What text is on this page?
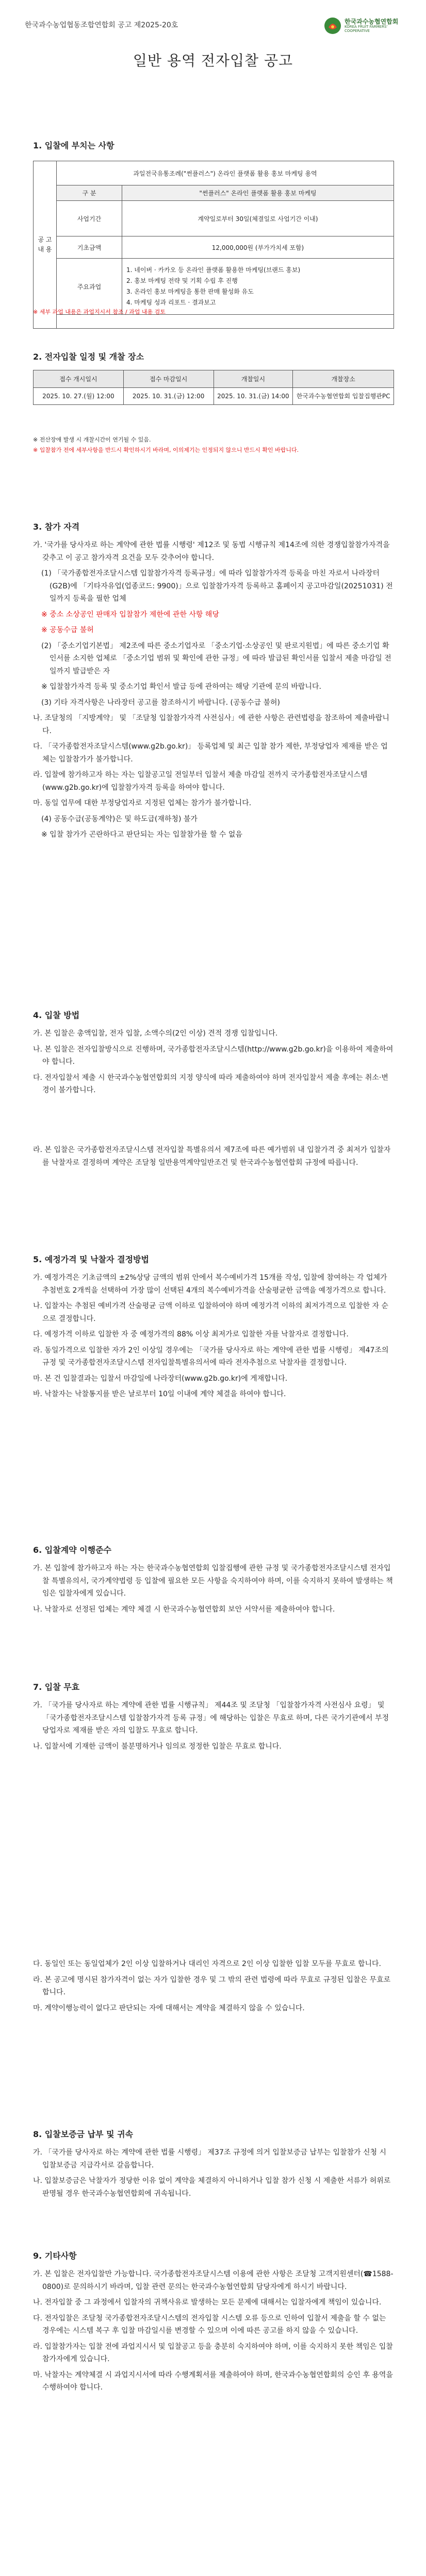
한국과수농업협동조합연합회 공고 제2025-20호	한국과수농협연합회
KOREA FRUIT FARMERS' COOPERATIVE
일반 용역 전자입찰 공고
1. 입찰에 부치는 사항
공 고 내 용	과일전국유통조례("썬플러스") 온라인 플랫폼 활용 홍보 마케팅 용역	
	구 분	"썬플러스" 온라인 플랫폼 활용 홍보 마케팅
	사업기간	계약일로부터 30일(체결일로 사업기간 이내)
	기초금액	12,000,000원 (부가가치세 포함)
	주요과업	1. 네이버 · 카카오 등 온라인 플랫폼 활용한 마케팅(브랜드 홍보)
2. 홍보 마케팅 전략 및 기획 수립 후 진행
3. 온라인 홍보 마케팅을 통한 판매 활성화 유도
4. 마케팅 성과 리포트 · 결과보고

※ 세부 과업 내용은 과업지시서 참조 / 과업 내용 검토
2. 전자입찰 일정 및 개찰 장소
접수 개시일시	접수 마감일시	개찰일시	개찰장소
2025. 10. 27.(월) 12:00	2025. 10. 31.(금) 12:00	2025. 10. 31.(금) 14:00	한국과수농협연합회 입찰집행관PC
※ 전산장애 발생 시 개찰시간이 연기될 수 있음.
※ 입찰참가 전에 세부사항을 반드시 확인하시기 바라며, 이의제기는 인정되지 않으니 반드시 확인 바랍니다.
3. 참가 자격

가. '국가를 당사자로 하는 계약에 관한 법률 시행령' 제12조 및 동법 시행규칙 제14조에 의한 경쟁입찰참가자격을 갖추고 이 공고 참가자격 요건을 모두 갖추어야 합니다.

(1) 「국가종합전자조달시스템 입찰참가자격 등록규정」에 따라 입찰참가자격 등록을 마친 자로서 나라장터(G2B)에 「기타자유업(업종코드: 9900)」으로 입찰참가자격 등록하고 홈페이지 공고마감일(20251031) 전일까지 등록을 필한 업체

※ 중소 소상공인 판매자 입찰참가 제한에 관한 사항 해당

※ 공동수급 불허

(2) 「중소기업기본법」 제2조에 따른 중소기업자로 「중소기업·소상공인 및 판로지원법」에 따른 중소기업 확인서를 소지한 업체로 「중소기업 범위 및 확인에 관한 규정」에 따라 발급된 확인서를 입찰서 제출 마감일 전일까지 발급받은 자

※ 입찰참가자격 등록 및 중소기업 확인서 발급 등에 관하여는 해당 기관에 문의 바랍니다.

(3) 기타 자격사항은 나라장터 공고를 참조하시기 바랍니다. (공동수급 불허)

나. 조달청의 「지방계약」 및 「조달청 입찰참가자격 사전심사」에 관한 사항은 관련법령을 참조하여 제출바랍니다.

다. 「국가종합전자조달시스템(www.g2b.go.kr)」 등록업체 및 최근 입찰 참가 제한, 부정당업자 제재를 받은 업체는 입찰참가가 불가합니다.

라. 입찰에 참가하고자 하는 자는 입찰공고일 전일부터 입찰서 제출 마감일 전까지 국가종합전자조달시스템(www.g2b.go.kr)에 입찰참가자격 등록을 하여야 합니다.

마. 동일 업무에 대한 부정당업자로 지정된 업체는 참가가 불가합니다.

(4) 공동수급(공동계약)은 및 하도급(재하청) 불가

※ 입찰 참가가 곤란하다고 판단되는 자는 입찰참가를 할 수 없음

4. 입찰 방법

가. 본 입찰은 총액입찰, 전자 입찰, 소액수의(2인 이상) 견적 경쟁 입찰입니다.

나. 본 입찰은 전자입찰방식으로 진행하며, 국가종합전자조달시스템(http://www.g2b.go.kr)을 이용하여 제출하여야 합니다.

다. 전자입찰서 제출 시 한국과수농협연합회의 지정 양식에 따라 제출하여야 하며 전자입찰서 제출 후에는 취소·변경이 불가합니다.

라. 본 입찰은 국가종합전자조달시스템 전자입찰 특별유의서 제7조에 따른 예가범위 내 입찰가격 중 최저가 입찰자를 낙찰자로 결정하며 계약은 조달청 일반용역계약일반조건 및 한국과수농협연합회 규정에 따릅니다.

5. 예정가격 및 낙찰자 결정방법

가. 예정가격은 기초금액의 ±2%상당 금액의 범위 안에서 복수예비가격 15개를 작성, 입찰에 참여하는 각 업체가 추첨번호 2개씩을 선택하여 가장 많이 선택된 4개의 복수예비가격을 산술평균한 금액을 예정가격으로 합니다.

나. 입찰자는 추첨된 예비가격 산술평균 금액 이하로 입찰하여야 하며 예정가격 이하의 최저가격으로 입찰한 자 순으로 결정합니다.

다. 예정가격 이하로 입찰한 자 중 예정가격의 88% 이상 최저가로 입찰한 자를 낙찰자로 결정합니다.

라. 동일가격으로 입찰한 자가 2인 이상일 경우에는 「국가를 당사자로 하는 계약에 관한 법률 시행령」 제47조의 규정 및 국가종합전자조달시스템 전자입찰특별유의서에 따라 전자추첨으로 낙찰자를 결정합니다.

마. 본 건 입찰결과는 입찰서 마감일에 나라장터(www.g2b.go.kr)에 게재합니다.

바. 낙찰자는 낙찰통지를 받은 날로부터 10일 이내에 계약 체결을 하여야 합니다.

6. 입찰계약 이행준수

가. 본 입찰에 참가하고자 하는 자는 한국과수농협연합회 입찰집행에 관한 규정 및 국가종합전자조달시스템 전자입찰 특별유의서, 국가계약법령 등 입찰에 필요한 모든 사항을 숙지하여야 하며, 이를 숙지하지 못하여 발생하는 책임은 입찰자에게 있습니다.

나. 낙찰자로 선정된 업체는 계약 체결 시 한국과수농협연합회 보안 서약서를 제출하여야 합니다.

7. 입찰 무효

가. 「국가를 당사자로 하는 계약에 관한 법률 시행규칙」 제44조 및 조달청 「입찰참가자격 사전심사 요령」 및 「국가종합전자조달시스템 입찰참가자격 등록 규정」에 해당하는 입찰은 무효로 하며, 다른 국가기관에서 부정당업자로 제재를 받은 자의 입찰도 무효로 합니다.

나. 입찰서에 기재한 금액이 불분명하거나 임의로 정정한 입찰은 무효로 합니다.

다. 동일인 또는 동일업체가 2인 이상 입찰하거나 대리인 자격으로 2인 이상 입찰한 입찰 모두를 무효로 합니다.

라. 본 공고에 명시된 참가자격이 없는 자가 입찰한 경우 및 그 밖의 관련 법령에 따라 무효로 규정된 입찰은 무효로 합니다.

마. 계약이행능력이 없다고 판단되는 자에 대해서는 계약을 체결하지 않을 수 있습니다.

8. 입찰보증금 납부 및 귀속

가. 「국가를 당사자로 하는 계약에 관한 법률 시행령」 제37조 규정에 의거 입찰보증금 납부는 입찰참가 신청 시 입찰보증금 지급각서로 갈음합니다.

나. 입찰보증금은 낙찰자가 정당한 이유 없이 계약을 체결하지 아니하거나 입찰 참가 신청 시 제출한 서류가 허위로 판명될 경우 한국과수농협연합회에 귀속됩니다.

9. 기타사항

가. 본 입찰은 전자입찰만 가능합니다. 국가종합전자조달시스템 이용에 관한 사항은 조달청 고객지원센터(☎1588-0800)로 문의하시기 바라며, 입찰 관련 문의는 한국과수농협연합회 담당자에게 하시기 바랍니다.

나. 전자입찰 중 그 과정에서 입찰자의 귀책사유로 발생하는 모든 문제에 대해서는 입찰자에게 책임이 있습니다.

다. 전자입찰은 조달청 국가종합전자조달시스템의 전자입찰 시스템 오류 등으로 인하여 입찰서 제출을 할 수 없는 경우에는 시스템 복구 후 입찰 마감일시를 변경할 수 있으며 이에 따른 공고를 하지 않을 수 있습니다.

라. 입찰참가자는 입찰 전에 과업지시서 및 입찰공고 등을 충분히 숙지하여야 하며, 이를 숙지하지 못한 책임은 입찰참가자에게 있습니다.

마. 낙찰자는 계약체결 시 과업지시서에 따라 수행계획서를 제출하여야 하며, 한국과수농협연합회의 승인 후 용역을 수행하여야 합니다.
